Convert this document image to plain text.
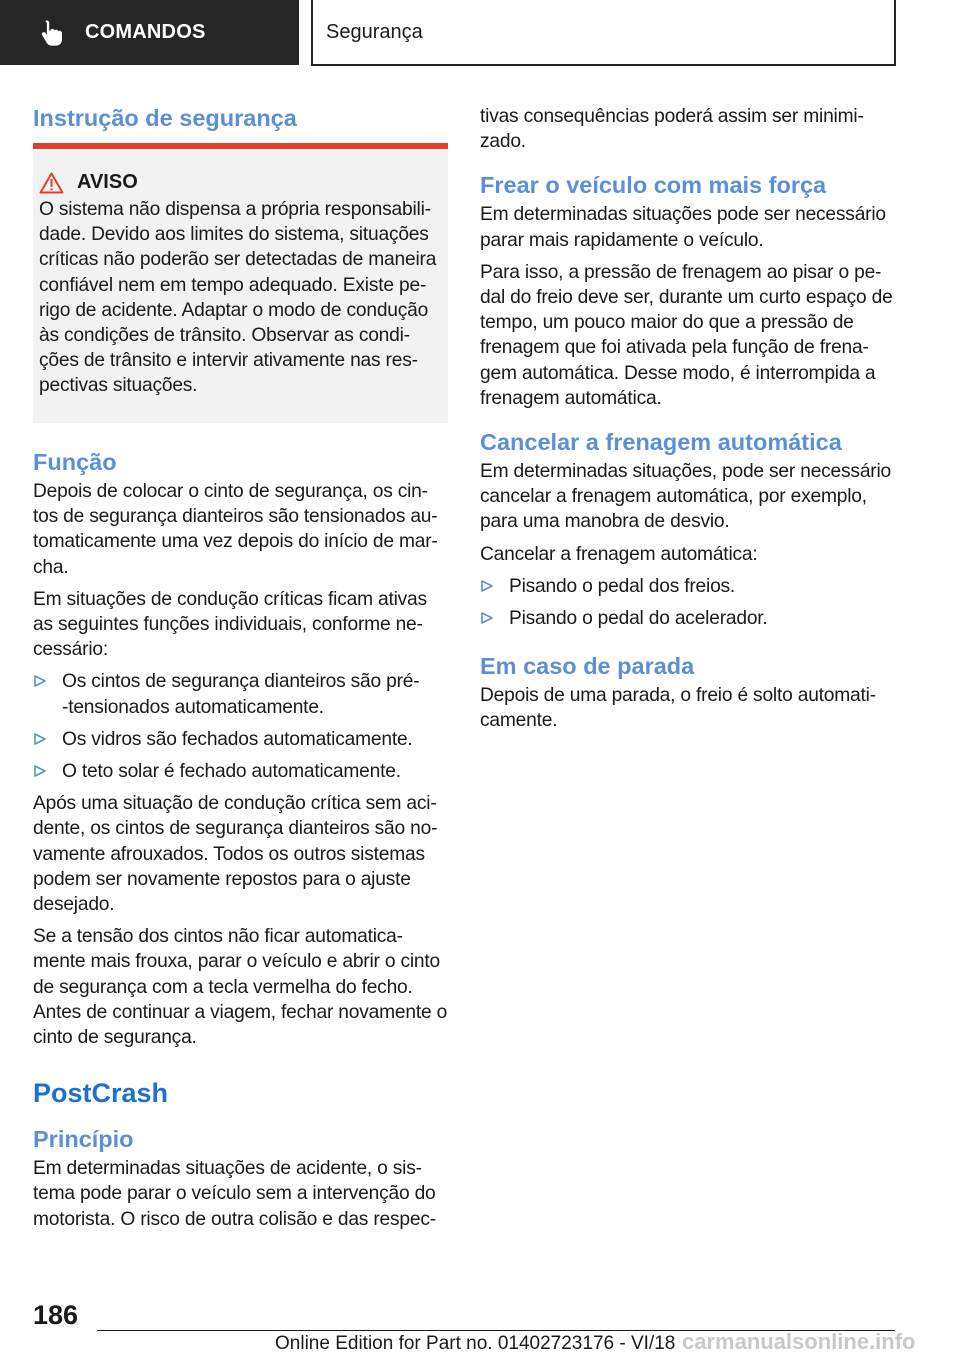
COMANDOS	Segurança
Instrução de segurança
AVISO

O sistema não dispensa a própria responsabili-dade. Devido aos limites do sistema, situações críticas não poderão ser detectadas de maneira confiável nem em tempo adequado. Existe pe-rigo de acidente. Adaptar o modo de condução às condições de trânsito. Observar as condi-ções de trânsito e intervir ativamente nas res-pectivas situações.

Função

Depois de colocar o cinto de segurança, os cin-tos de segurança dianteiros são tensionados au-tomaticamente uma vez depois do início de mar-cha.

Em situações de condução críticas ficam ativas as seguintes funções individuais, conforme ne-cessário:

Os cintos de segurança dianteiros são pré-‑tensionados automaticamente.
Os vidros são fechados automaticamente.
O teto solar é fechado automaticamente.

Após uma situação de condução crítica sem aci-dente, os cintos de segurança dianteiros são no-vamente afrouxados. Todos os outros sistemas podem ser novamente repostos para o ajuste desejado.

Se a tensão dos cintos não ficar automatica-mente mais frouxa, parar o veículo e abrir o cinto de segurança com a tecla vermelha do fecho. Antes de continuar a viagem, fechar novamente o cinto de segurança.

PostCrash
Princípio

Em determinadas situações de acidente, o sis-tema pode parar o veículo sem a intervenção do motorista. O risco de outra colisão e das respec-

tivas consequências poderá assim ser minimi-zado.

Frear o veículo com mais força

Em determinadas situações pode ser necessário parar mais rapidamente o veículo.

Para isso, a pressão de frenagem ao pisar o pe-dal do freio deve ser, durante um curto espaço de tempo, um pouco maior do que a pressão de frenagem que foi ativada pela função de frena-gem automática. Desse modo, é interrompida a frenagem automática.

Cancelar a frenagem automática

Em determinadas situações, pode ser necessário cancelar a frenagem automática, por exemplo, para uma manobra de desvio.

Cancelar a frenagem automática:

Pisando o pedal dos freios.
Pisando o pedal do acelerador.
Em caso de parada

Depois de uma parada, o freio é solto automati-camente.

186
Online Edition for Part no. 01402723176 - VI/18 carmanualsonline.info
